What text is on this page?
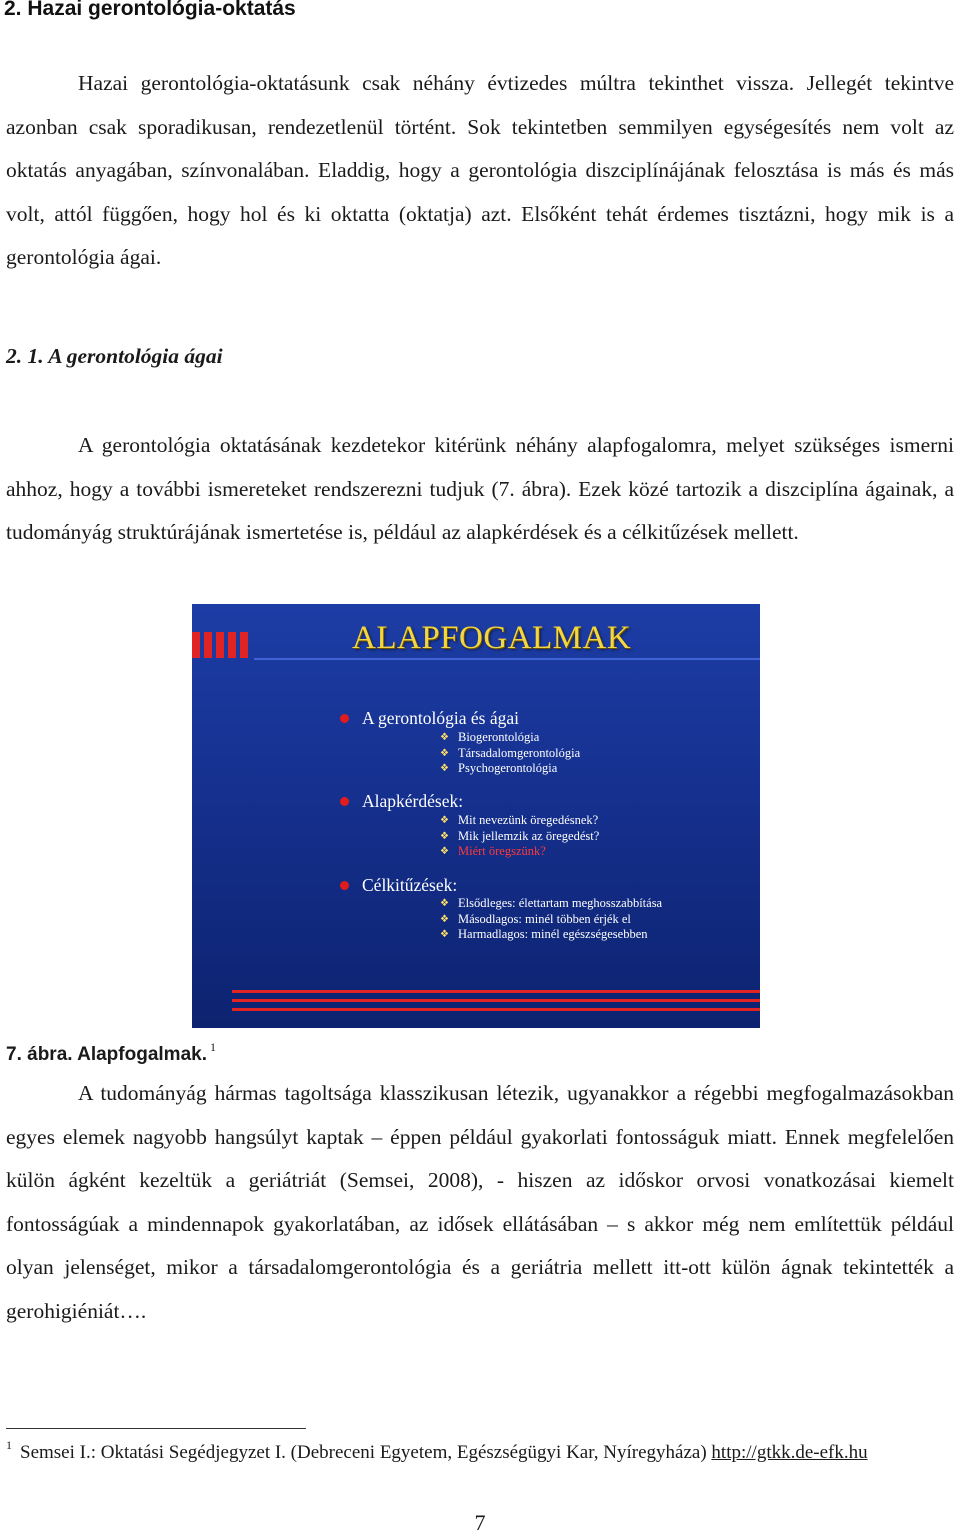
2. Hazai gerontológia-oktatás

Hazai gerontológia-oktatásunk csak néhány évtizedes múltra tekinthet vissza. Jellegét tekintve azonban csak sporadikusan, rendezetlenül történt. Sok tekintetben semmilyen egységesítés nem volt az oktatás anyagában, színvonalában. Eladdig, hogy a gerontológia diszciplínájának felosztása is más és más volt, attól függően, hogy hol és ki oktatta (oktatja) azt. Elsőként tehát érdemes tisztázni, hogy mik is a gerontológia ágai.

2. 1. A gerontológia ágai

A gerontológia oktatásának kezdetekor kitérünk néhány alapfogalomra, melyet szükséges ismerni ahhoz, hogy a további ismereteket rendszerezni tudjuk (7. ábra). Ezek közé tartozik a diszciplína ágainak, a tudományág struktúrájának ismertetése is, például az alapkérdések és a célkitűzések mellett.

ALAPFOGALMAK
A gerontológia és ágai
❖ Biogerontológia
❖ Társadalomgerontológia
❖ Psychogerontológia
Alapkérdések:
❖ Mit nevezünk öregedésnek?
❖ Mik jellemzik az öregedést?
❖ Miért öregszünk?
Célkitűzések:
❖ Elsődleges: élettartam meghosszabbítása
❖ Másodlagos: minél többen érjék el
❖ Harmadlagos: minél egészségesebben
7. ábra. Alapfogalmak. $^1$

A tudományág hármas tagoltsága klasszikusan létezik, ugyanakkor a régebbi megfogalmazásokban egyes elemek nagyobb hangsúlyt kaptak – éppen például gyakorlati fontosságuk miatt. Ennek megfelelően külön ágként kezeltük a geriátriát (Semsei, 2008), - hiszen az időskor orvosi vonatkozásai kiemelt fontosságúak a mindennapok gyakorlatában, az idősek ellátásában – s akkor még nem említettük például olyan jelenséget, mikor a társadalomgerontológia és a geriátria mellett itt-ott külön ágnak tekintették a gerohigiéniát….

$^1$ Semsei I.: Oktatási Segédjegyzet I. (Debreceni Egyetem, Egészségügyi Kar, Nyíregyháza) http://gtkk.de-efk.hu
7
